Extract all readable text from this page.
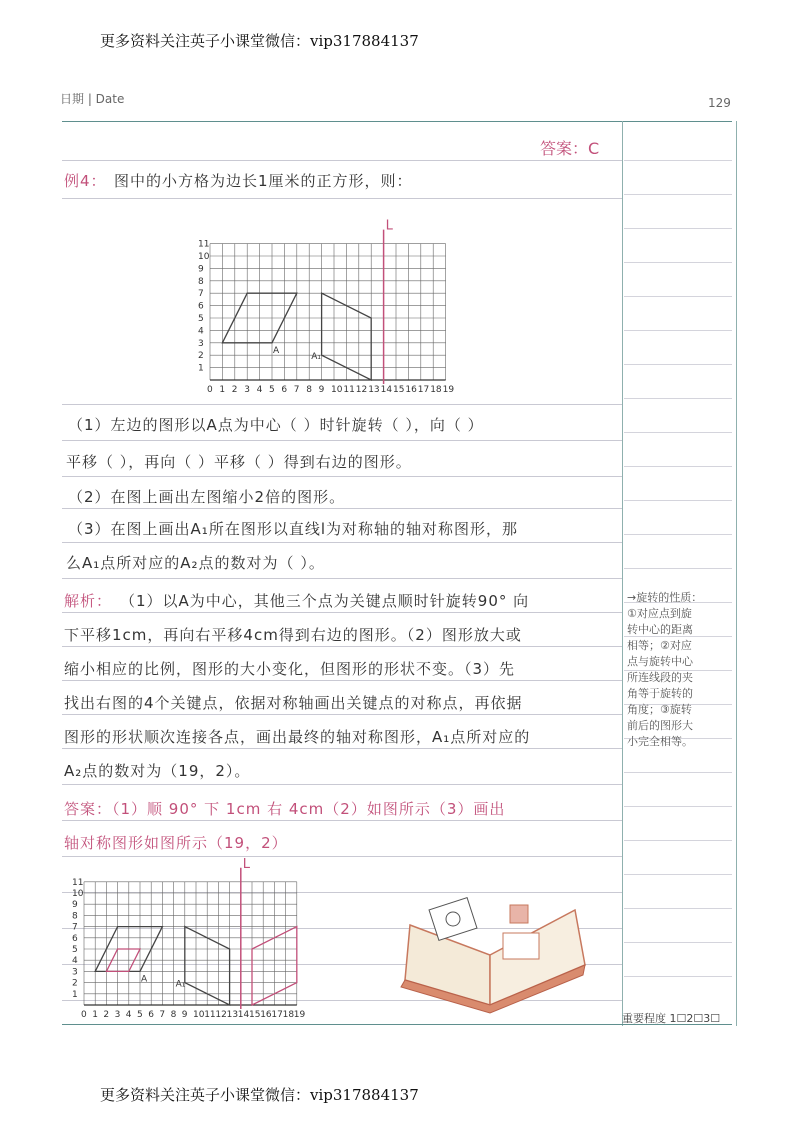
更多资料关注英子小课堂微信：vip317884137
日期 | Date	129
答案：C
例4： 图中的小方格为边长1厘米的正方形，则：
0 1 2 3 4 5 6 7 8 9 10 11 12 13 14 15 16 17 18 19
1
2
3
4
5
6
7
8
9
10
11
L
A
A₁
（1）左边的图形以A点为中心（ ）时针旋转（ ），向（ ）
平移（ ），再向（ ）平移（ ）得到右边的图形。
（2）在图上画出左图缩小2倍的图形。
（3）在图上画出A₁所在图形以直线l为对称轴的轴对称图形，那
么A₁点所对应的A₂点的数对为（ ）。
解析： （1）以A为中心，其他三个点为关键点顺时针旋转90° 向
下平移1cm，再向右平移4cm得到右边的图形。（2）图形放大或
缩小相应的比例，图形的大小变化，但图形的形状不变。（3）先
找出右图的4个关键点，依据对称轴画出关键点的对称点，再依据
图形的形状顺次连接各点，画出最终的轴对称图形，A₁点所对应的
A₂点的数对为（19，2）。
答案：（1）顺 90° 下 1cm 右 4cm（2）如图所示（3）画出
轴对称图形如图所示（19，2）
0 1 2 3 4 5 6 7 8 9 10 11 12 13 14 15 16 17 18 19
1
2
3
4
5
6
7
8
9
10
11
L
A
A₁
→旋转的性质：
①对应点到旋
转中心的距离
相等；②对应
点与旋转中心
所连线段的夹
角等于旋转的
角度；③旋转
前后的图形大
小完全相等。
重要程度 1☐2☐3☐
更多资料关注英子小课堂微信：vip317884137
